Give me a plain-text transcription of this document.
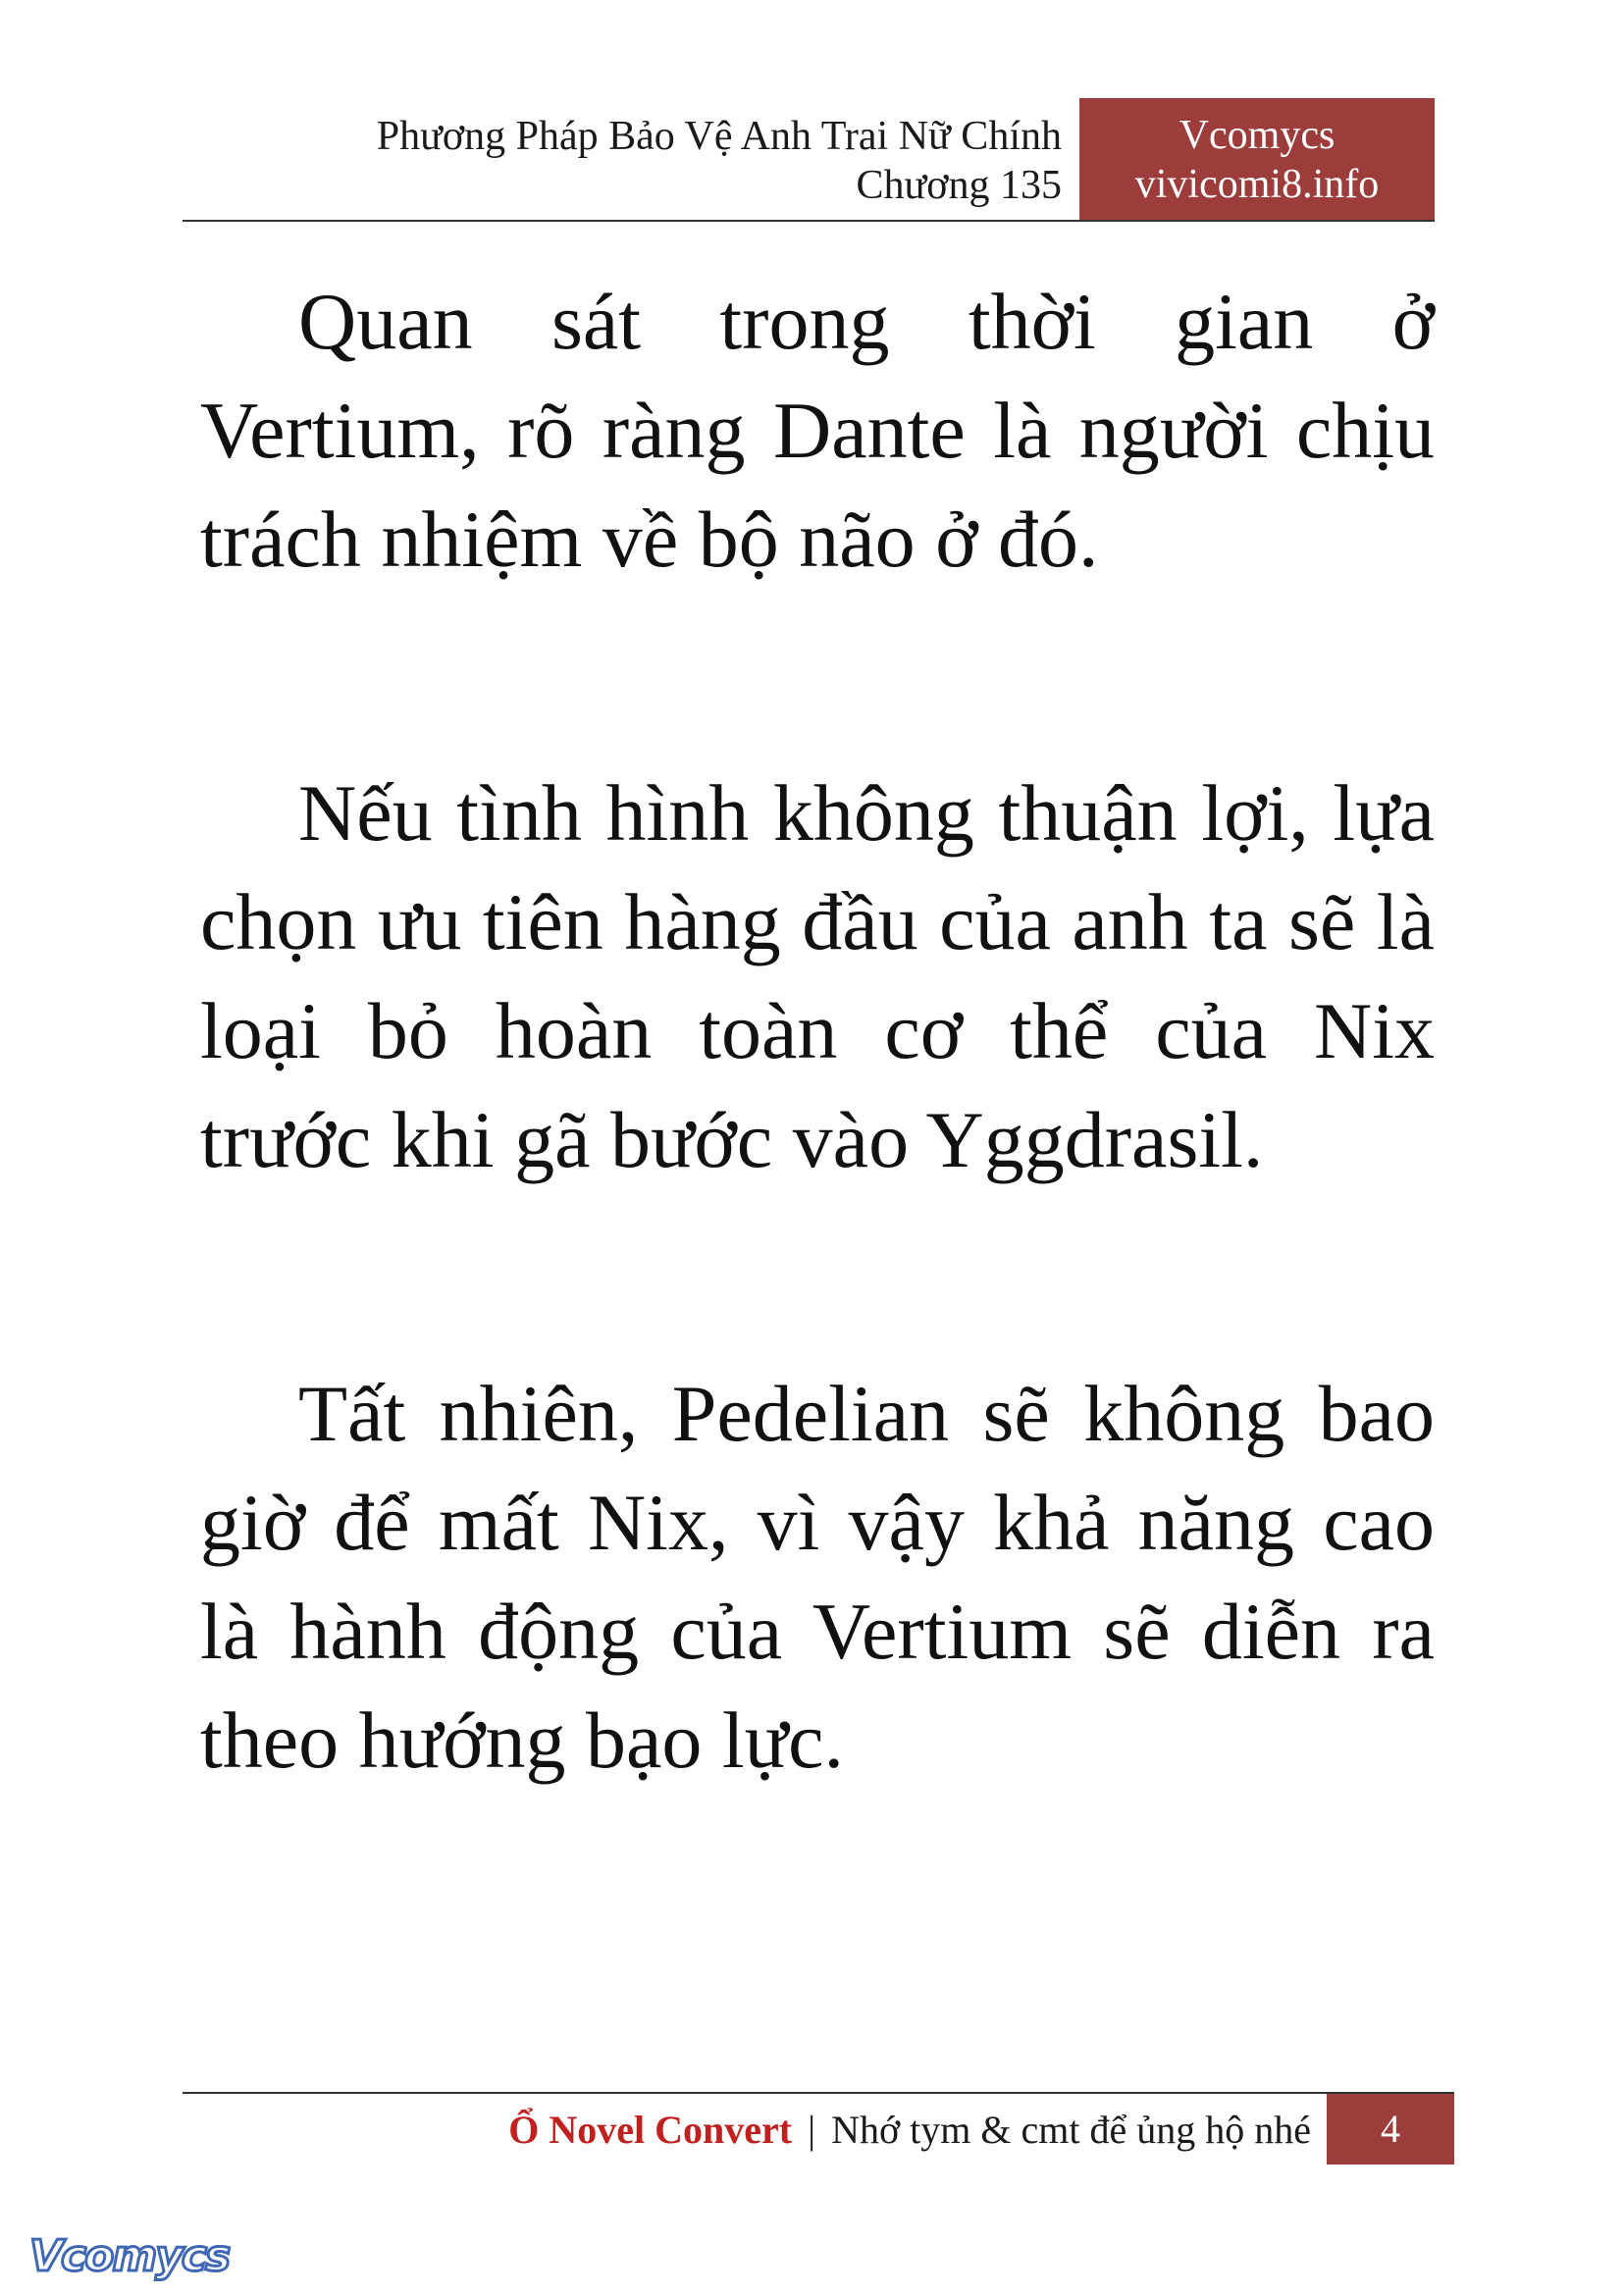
Phương Pháp Bảo Vệ Anh Trai Nữ Chính
Chương 135
Vcomycs
vivicomi8.info

Quan sát trong thời gian ở Vertium, rõ ràng Dante là người chịu trách nhiệm về bộ não ở đó.

Nếu tình hình không thuận lợi, lựa chọn ưu tiên hàng đầu của anh ta sẽ là loại bỏ hoàn toàn cơ thể của Nix trước khi gã bước vào Yggdrasil.

Tất nhiên, Pedelian sẽ không bao giờ để mất Nix, vì vậy khả năng cao là hành động của Vertium sẽ diễn ra theo hướng bạo lực.

Ổ Novel Convert | Nhớ tym & cmt để ủng hộ nhé	4
Vcomycs
